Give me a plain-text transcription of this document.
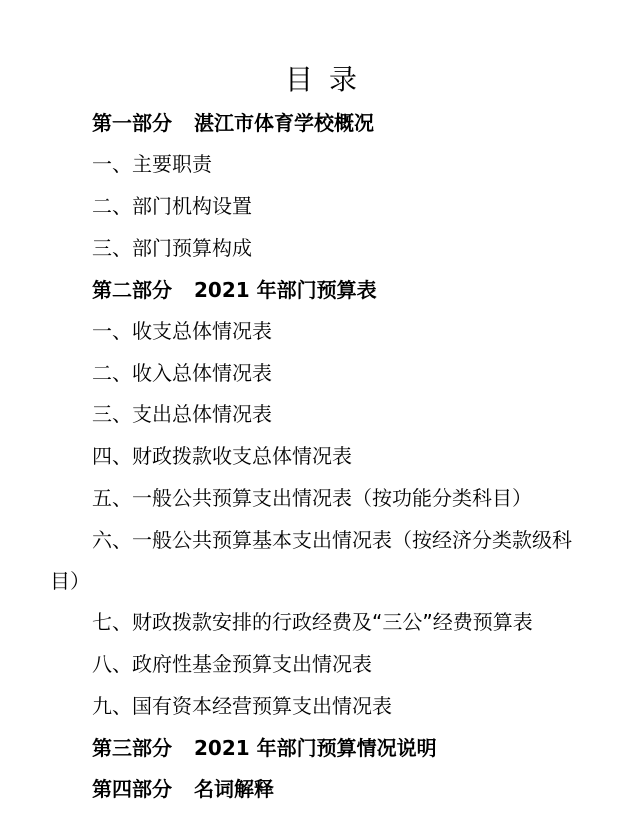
目录
第一部分 湛江市体育学校概况
一、主要职责
二、部门机构设置
三、部门预算构成
第二部分 2021 年部门预算表
一、收支总体情况表
二、收入总体情况表
三、支出总体情况表
四、财政拨款收支总体情况表
五、一般公共预算支出情况表（按功能分类科目）
六、一般公共预算基本支出情况表（按经济分类款级科
目）
七、财政拨款安排的行政经费及“三公”经费预算表
八、政府性基金预算支出情况表
九、国有资本经营预算支出情况表
第三部分 2021 年部门预算情况说明
第四部分 名词解释
